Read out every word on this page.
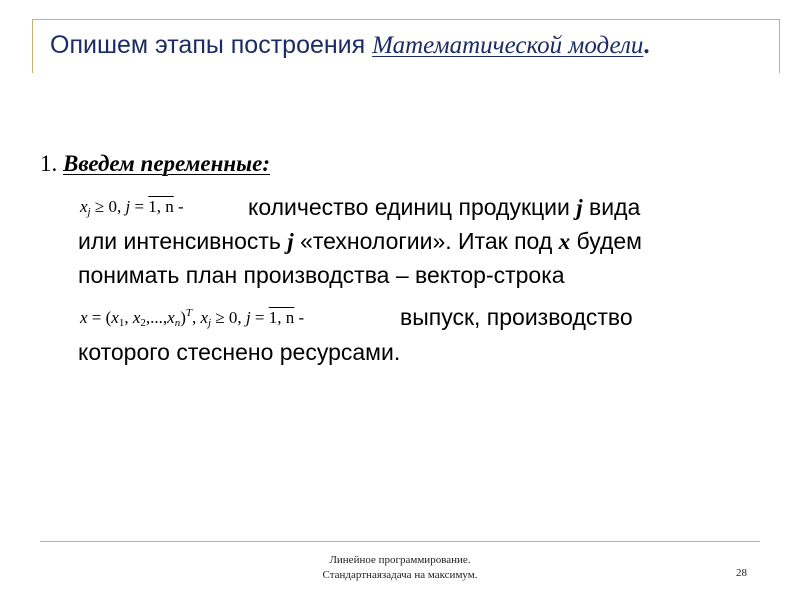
Опишем этапы построения Математической модели.
1. Введем переменные:
$x_j \ge 0$, j = 1, n -	количество единиц продукции j вида
или интенсивность j «технологии». Итак под x будем
понимать план производства – вектор-строка
$x = (x_1$, $x_2,...,x_n)^T$, $x_j \ge 0$, j = 1, n -	выпуск, производство
которого стеснено ресурсами.
Линейное программирование.
Стандартнаязадача на максимум.	28
